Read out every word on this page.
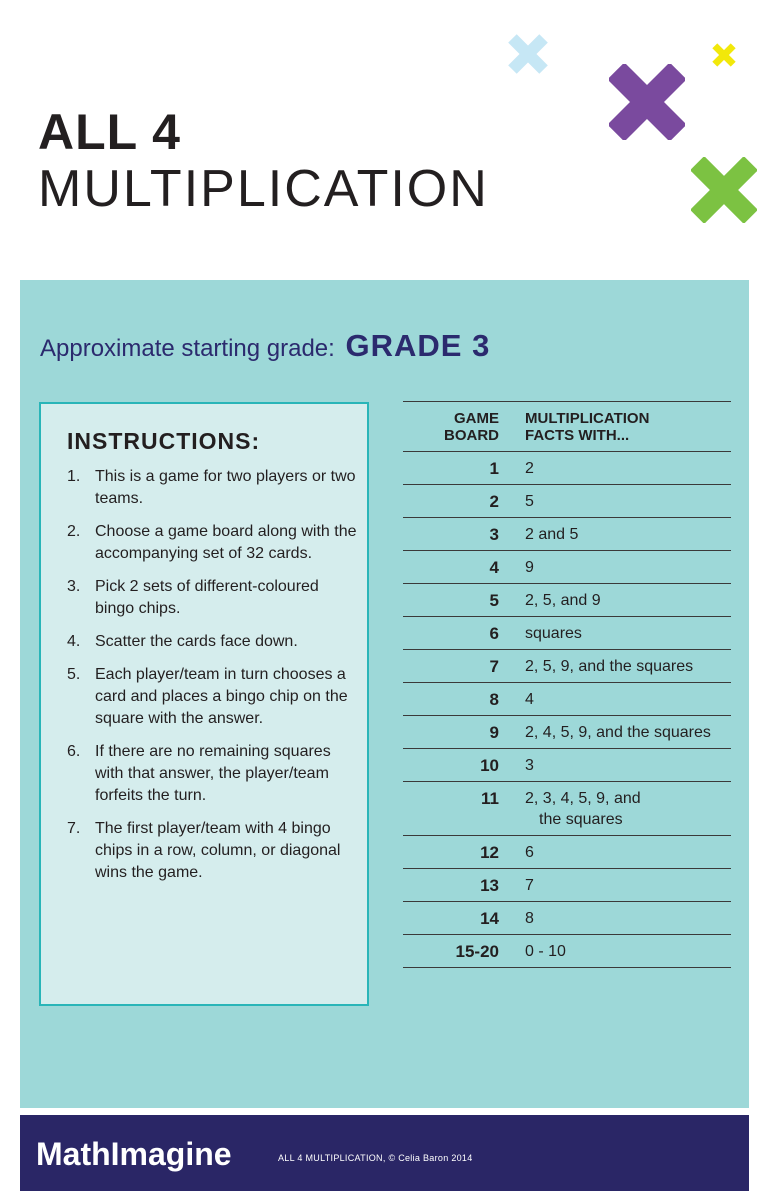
ALL 4
MULTIPLICATION
Approximate starting grade: GRADE 3
INSTRUCTIONS:
1. This is a game for two players or two teams.
2. Choose a game board along with the accompanying set of 32 cards.
3. Pick 2 sets of different-coloured bingo chips.
4. Scatter the cards face down.
5. Each player/team in turn chooses a card and places a bingo chip on the square with the answer.
6. If there are no remaining squares with that answer, the player/team forfeits the turn.
7. The first player/team with 4 bingo chips in a row, column, or diagonal wins the game.
GAME
BOARD	MULTIPLICATION
FACTS WITH...
1	2
2	5
3	2 and 5
4	9
5	2, 5, and 9
6	squares
7	2, 5, 9, and the squares
8	4
9	2, 4, 5, 9, and the squares
10	3
11	2, 3, 4, 5, 9, and
the squares

12	6
13	7
14	8
15-20	0 - 10
MathImagine	ALL 4 MULTIPLICATION, © Celia Baron 2014
